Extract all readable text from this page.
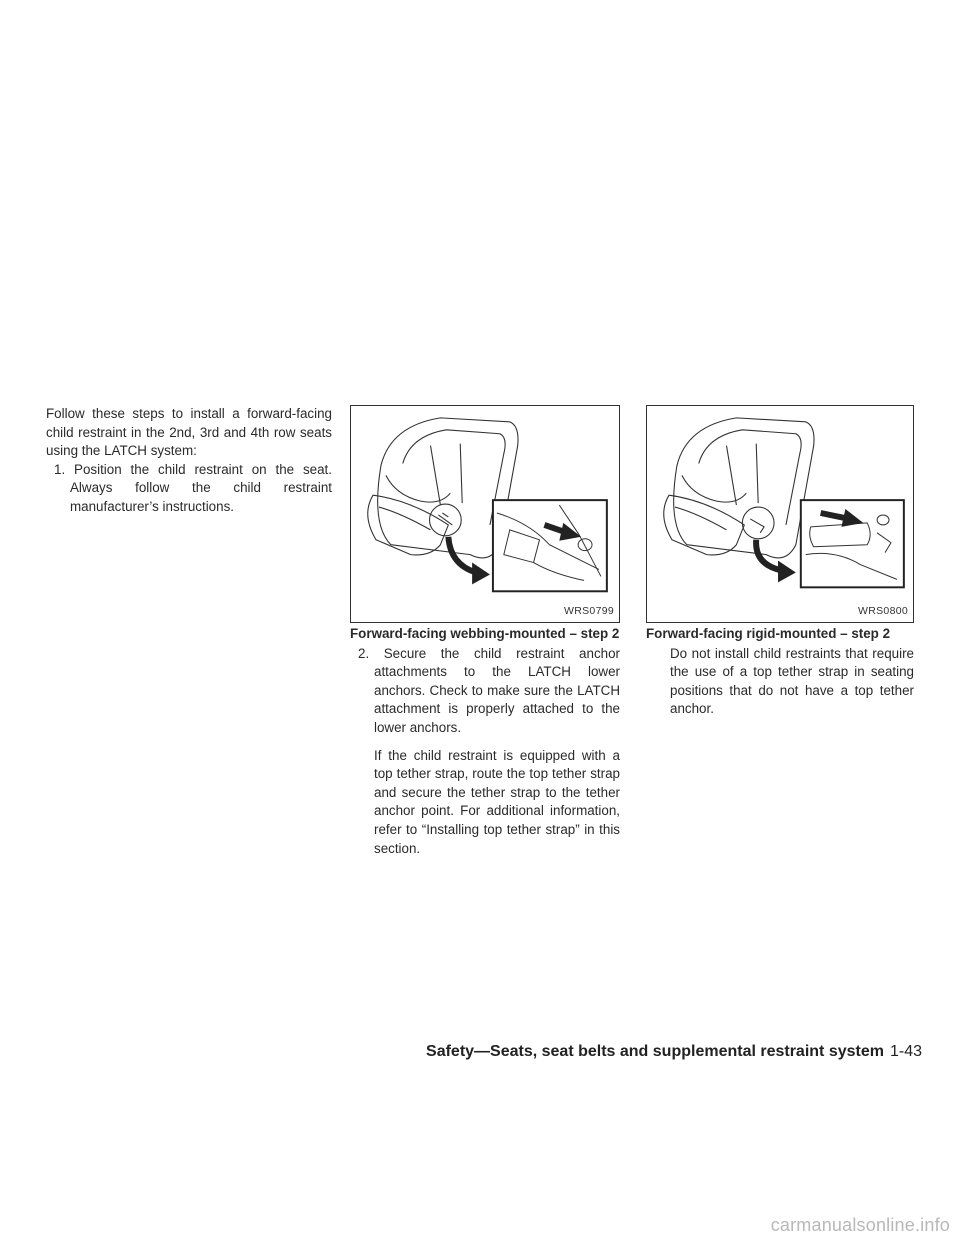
Follow these steps to install a forward-facing child restraint in the 2nd, 3rd and 4th row seats using the LATCH system:

1. Position the child restraint on the seat. Always follow the child restraint manufacturer’s instructions.

WRS0799
Forward-facing webbing-mounted – step 2

2. Secure the child restraint anchor attachments to the LATCH lower anchors. Check to make sure the LATCH attachment is properly attached to the lower anchors.

If the child restraint is equipped with a top tether strap, route the top tether strap and secure the tether strap to the tether anchor point. For additional information, refer to “Installing top tether strap” in this section.

WRS0800
Forward-facing rigid-mounted – step 2

Do not install child restraints that require the use of a top tether strap in seating positions that do not have a top tether anchor.

Safety—Seats, seat belts and supplemental restraint system 1-43
carmanualsonline.info
